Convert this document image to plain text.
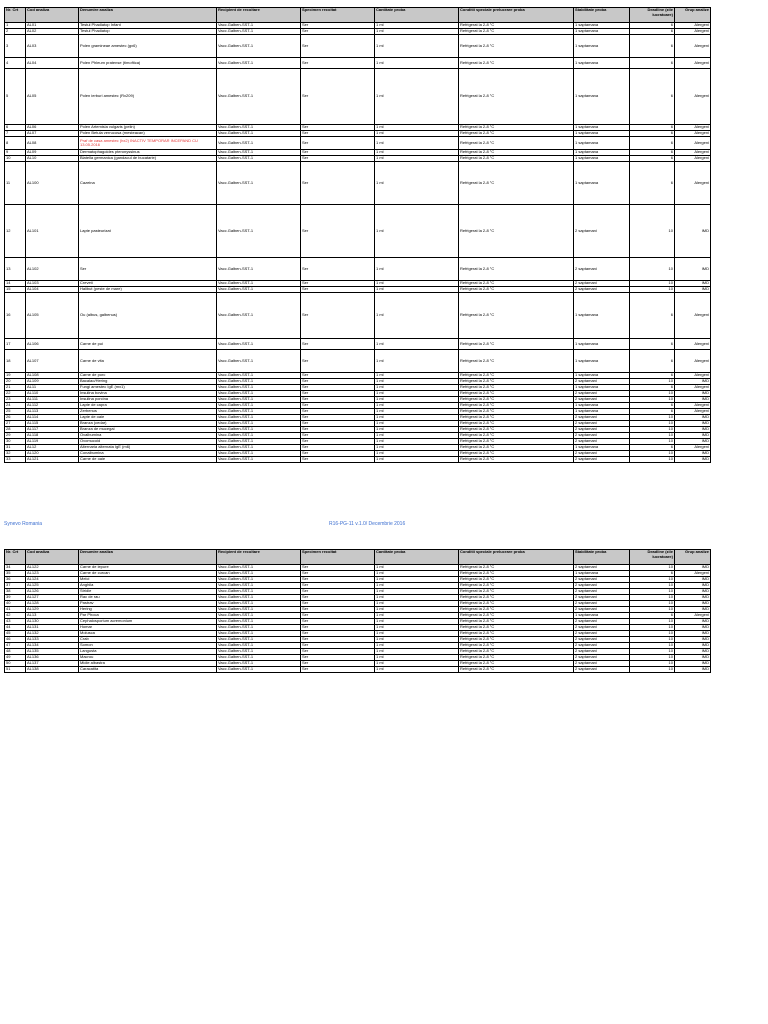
Nr. Crt	Cod analiza	Denumire analiza	Recipient de recoltare	Specimen recoltat	Cantitate proba	Conditii speciale prelucrare proba	Stabilitate proba	Deadline (zile lucratoare)	Grup analize
1	AL01	Testul Phadiatop Infant	Vacc.Galben-SST-1	Ser	1 ml	Refrigerat la 2-8 °C	1 saptamana	6	Alergeni
2	AL02	Testul Phadiatop	Vacc.Galben-SST-1	Ser	1 ml	Refrigerat la 2-8 °C	1 saptamana	6	Alergeni
3	AL03	Polen gramineae amestec (gx6)	Vacc.Galben-SST-1	Ser	1 ml	Refrigerat la 2-8 °C	1 saptamana	6	Alergeni
4	AL04	Polen Phleum pratense (timoftica)	Vacc.Galben-SST-1	Ser	1 ml	Refrigerat la 2-8 °C	1 saptamana	6	Alergeni
5	AL05	Polen ierburi amestec (Rx209)	Vacc.Galben-SST-1	Ser	1 ml	Refrigerat la 2-8 °C	1 saptamana	6	Alergeni
6	AL06	Polen Artemisia vulgaris (pelin)	Vacc.Galben-SST-1	Ser	1 ml	Refrigerat la 2-8 °C	1 saptamana	6	Alergeni
7	AL07	Polen Betula verrucosa (mesteacan)	Vacc.Galben-SST-1	Ser	1 ml	Refrigerat la 2-8 °C	1 saptamana	6	Alergeni
8	AL08	Praf de casa amestec (hx2) INACTIV TEMPORAR INCEPAND CU 13.05.2016	Vacc.Galben-SST-1	Ser	1 ml	Refrigerat la 2-8 °C	1 saptamana	6	Alergeni
9	AL09	Dermatophagoides pteronyssinus	Vacc.Galben-SST-1	Ser	1 ml	Refrigerat la 2-8 °C	1 saptamana	6	Alergeni
10	AL10	Blatella germanica (gandacul de bucatarie)	Vacc.Galben-SST-1	Ser	1 ml	Refrigerat la 2-8 °C	1 saptamana	6	Alergeni
11	AL100	Cazeina	Vacc.Galben-SST-1	Ser	1 ml	Refrigerat la 2-8 °C	1 saptamana	6	Alergeni
12	AL101	Lapte pasteurizat	Vacc.Galben-SST-1	Ser	1 ml	Refrigerat la 2-8 °C	2 saptamani	10	IMD
13	AL102	Ser	Vacc.Galben-SST-1	Ser	1 ml	Refrigerat la 2-8 °C	2 saptamani	10	IMD
14	AL103	Creveti	Vacc.Galben-SST-1	Ser	1 ml	Refrigerat la 2-8 °C	2 saptamani	10	IMD
15	AL104	Halibut (peste de mare)	Vacc.Galben-SST-1	Ser	1 ml	Refrigerat la 2-8 °C	2 saptamani	10	IMD
16	AL105	Ou (albus, galbenus)	Vacc.Galben-SST-1	Ser	1 ml	Refrigerat la 2-8 °C	1 saptamana	6	Alergeni
17	AL106	Carne de pui	Vacc.Galben-SST-1	Ser	1 ml	Refrigerat la 2-8 °C	1 saptamana	6	Alergeni
18	AL107	Carne de vita	Vacc.Galben-SST-1	Ser	1 ml	Refrigerat la 2-8 °C	1 saptamana	6	Alergeni
19	AL108	Carne de porc	Vacc.Galben-SST-1	Ser	1 ml	Refrigerat la 2-8 °C	1 saptamana	6	Alergeni
20	AL109	Bacalao/Hering	Vacc.Galben-SST-1	Ser	1 ml	Refrigerat la 2-8 °C	2 saptamani	10	IMD
21	AL11	Fungi amestec IgE (mx1)	Vacc.Galben-SST-1	Ser	1 ml	Refrigerat la 2-8 °C	1 saptamana	6	Alergeni
22	AL110	Insulina bovina	Vacc.Galben-SST-1	Ser	1 ml	Refrigerat la 2-8 °C	2 saptamani	10	IMD
23	AL111	Insulina porcina	Vacc.Galben-SST-1	Ser	1 ml	Refrigerat la 2-8 °C	2 saptamani	10	IMD
24	AL112	Lapte de capra	Vacc.Galben-SST-1	Ser	1 ml	Refrigerat la 2-8 °C	1 saptamana	6	Alergeni
25	AL113	Zerbenus	Vacc.Galben-SST-1	Ser	1 ml	Refrigerat la 2-8 °C	1 saptamana	6	Alergeni
26	AL114	Lapte de oaie	Vacc.Galben-SST-1	Ser	1 ml	Refrigerat la 2-8 °C	2 saptamani	10	IMD
27	AL115	Branza (cedar)	Vacc.Galben-SST-1	Ser	1 ml	Refrigerat la 2-8 °C	2 saptamani	10	IMD
28	AL117	Branza de mucegai	Vacc.Galben-SST-1	Ser	1 ml	Refrigerat la 2-8 °C	2 saptamani	10	IMD
29	AL118	Ovalbumina	Vacc.Galben-SST-1	Ser	1 ml	Refrigerat la 2-8 °C	2 saptamani	10	IMD
30	AL119	Ovomucoid	Vacc.Galben-SST-1	Ser	1 ml	Refrigerat la 2-8 °C	2 saptamani	10	IMD
31	AL12	Alternaria alternata IgE (m6)	Vacc.Galben-SST-1	Ser	1 ml	Refrigerat la 2-8 °C	1 saptamana	6	Alergeni
32	AL120	Conalbumina	Vacc.Galben-SST-1	Ser	1 ml	Refrigerat la 2-8 °C	2 saptamani	10	IMD
33	AL121	Carne de oaie	Vacc.Galben-SST-1	Ser	1 ml	Refrigerat la 2-8 °C	2 saptamani	10	IMD
Synevo Romania	R16-PG-11 v.1.0/ Decembrie 2016
Nr. Crt	Cod analiza	Denumire analiza	Recipient de recoltare	Specimen recoltat	Cantitate proba	Conditii speciale prelucrare proba	Stabilitate proba	Deadline (zile lucratoare)	Grup analize
34	AL122	Carne de iepure	Vacc.Galben-SST-1	Ser	1 ml	Refrigerat la 2-8 °C	2 saptamani	10	IMD
35	AL123	Carne de curcan	Vacc.Galben-SST-1	Ser	1 ml	Refrigerat la 2-8 °C	1 saptamana	6	Alergeni
36	AL124	Melci	Vacc.Galben-SST-1	Ser	1 ml	Refrigerat la 2-8 °C	2 saptamani	10	IMD
37	AL125	Anghila	Vacc.Galben-SST-1	Ser	1 ml	Refrigerat la 2-8 °C	2 saptamani	10	IMD
38	AL126	Stridie	Vacc.Galben-SST-1	Ser	1 ml	Refrigerat la 2-8 °C	2 saptamani	10	IMD
39	AL127	Rac de rau	Vacc.Galben-SST-1	Ser	1 ml	Refrigerat la 2-8 °C	2 saptamani	10	IMD
40	AL128	Pastrav	Vacc.Galben-SST-1	Ser	1 ml	Refrigerat la 2-8 °C	2 saptamani	10	IMD
41	AL129	Hering	Vacc.Galben-SST-1	Ser	1 ml	Refrigerat la 2-8 °C	2 saptamani	10	IMD
42	AL13	Par Phoca	Vacc.Galben-SST-1	Ser	1 ml	Refrigerat la 2-8 °C	1 saptamana	6	Alergeni
43	AL130	Cephalosporium acremonium	Vacc.Galben-SST-1	Ser	1 ml	Refrigerat la 2-8 °C	2 saptamani	10	IMD
44	AL131	Homar	Vacc.Galben-SST-1	Ser	1 ml	Refrigerat la 2-8 °C	2 saptamani	10	IMD
45	AL132	Molusca	Vacc.Galben-SST-1	Ser	1 ml	Refrigerat la 2-8 °C	2 saptamani	10	IMD
46	AL133	Crab	Vacc.Galben-SST-1	Ser	1 ml	Refrigerat la 2-8 °C	2 saptamani	10	IMD
47	AL134	Somon	Vacc.Galben-SST-1	Ser	1 ml	Refrigerat la 2-8 °C	2 saptamani	10	IMD
48	AL135	Langusta	Vacc.Galben-SST-1	Ser	1 ml	Refrigerat la 2-8 °C	2 saptamani	10	IMD
49	AL136	Macrou	Vacc.Galben-SST-1	Ser	1 ml	Refrigerat la 2-8 °C	2 saptamani	10	IMD
50	AL137	Midie albastra	Vacc.Galben-SST-1	Ser	1 ml	Refrigerat la 2-8 °C	2 saptamani	10	IMD
51	AL138	Caracatita	Vacc.Galben-SST-1	Ser	1 ml	Refrigerat la 2-8 °C	2 saptamani	10	IMD
